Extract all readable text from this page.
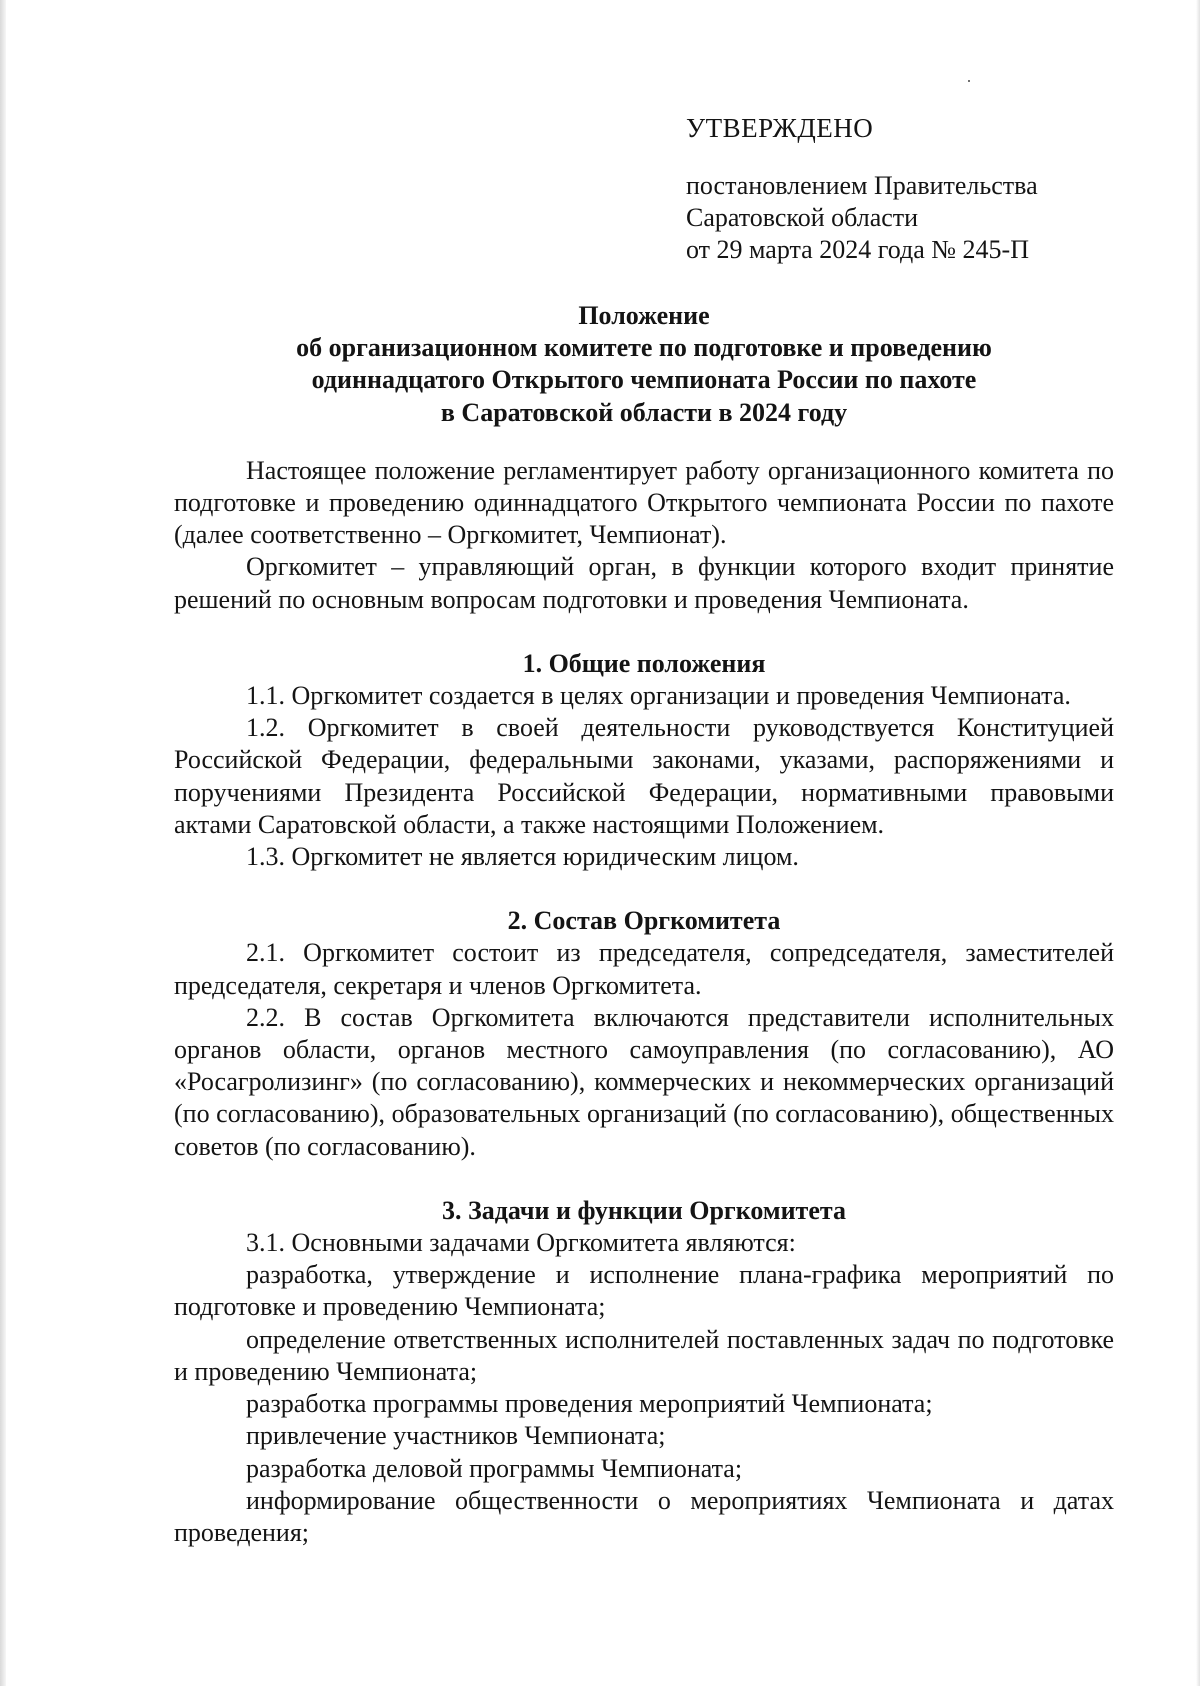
УТВЕРЖДЕНО

постановлением Правительства

Саратовской области

от 29 марта 2024 года № 245-П

Положение

об организационном комитете по подготовке и проведению

одиннадцатого Открытого чемпионата России по пахоте

в Саратовской области в 2024 году

Настоящее положение регламентирует работу организационного комитета по подготовке и проведению одиннадцатого Открытого чемпионата России по пахоте (далее соответственно – Оргкомитет, Чемпионат).

Оргкомитет – управляющий орган, в функции которого входит принятие решений по основным вопросам подготовки и проведения Чемпионата.

1. Общие положения

1.1. Оргкомитет создается в целях организации и проведения Чемпионата.

1.2. Оргкомитет в своей деятельности руководствуется Конституцией Российской Федерации, федеральными законами, указами, распоряжениями и поручениями Президента Российской Федерации, нормативными правовыми актами Саратовской области, а также настоящими Положением.

1.3. Оргкомитет не является юридическим лицом.

2. Состав Оргкомитета

2.1. Оргкомитет состоит из председателя, сопредседателя, заместителей председателя, секретаря и членов Оргкомитета.

2.2. В состав Оргкомитета включаются представители исполнительных органов области, органов местного самоуправления (по согласованию), АО «Росагролизинг» (по согласованию), коммерческих и некоммерческих организаций (по согласованию), образовательных организаций (по согласованию), общественных советов (по согласованию).

3. Задачи и функции Оргкомитета

3.1. Основными задачами Оргкомитета являются:

разработка, утверждение и исполнение плана-графика мероприятий по подготовке и проведению Чемпионата;

определение ответственных исполнителей поставленных задач по подготовке и проведению Чемпионата;

разработка программы проведения мероприятий Чемпионата;

привлечение участников Чемпионата;

разработка деловой программы Чемпионата;

информирование общественности о мероприятиях Чемпионата и датах проведения;
